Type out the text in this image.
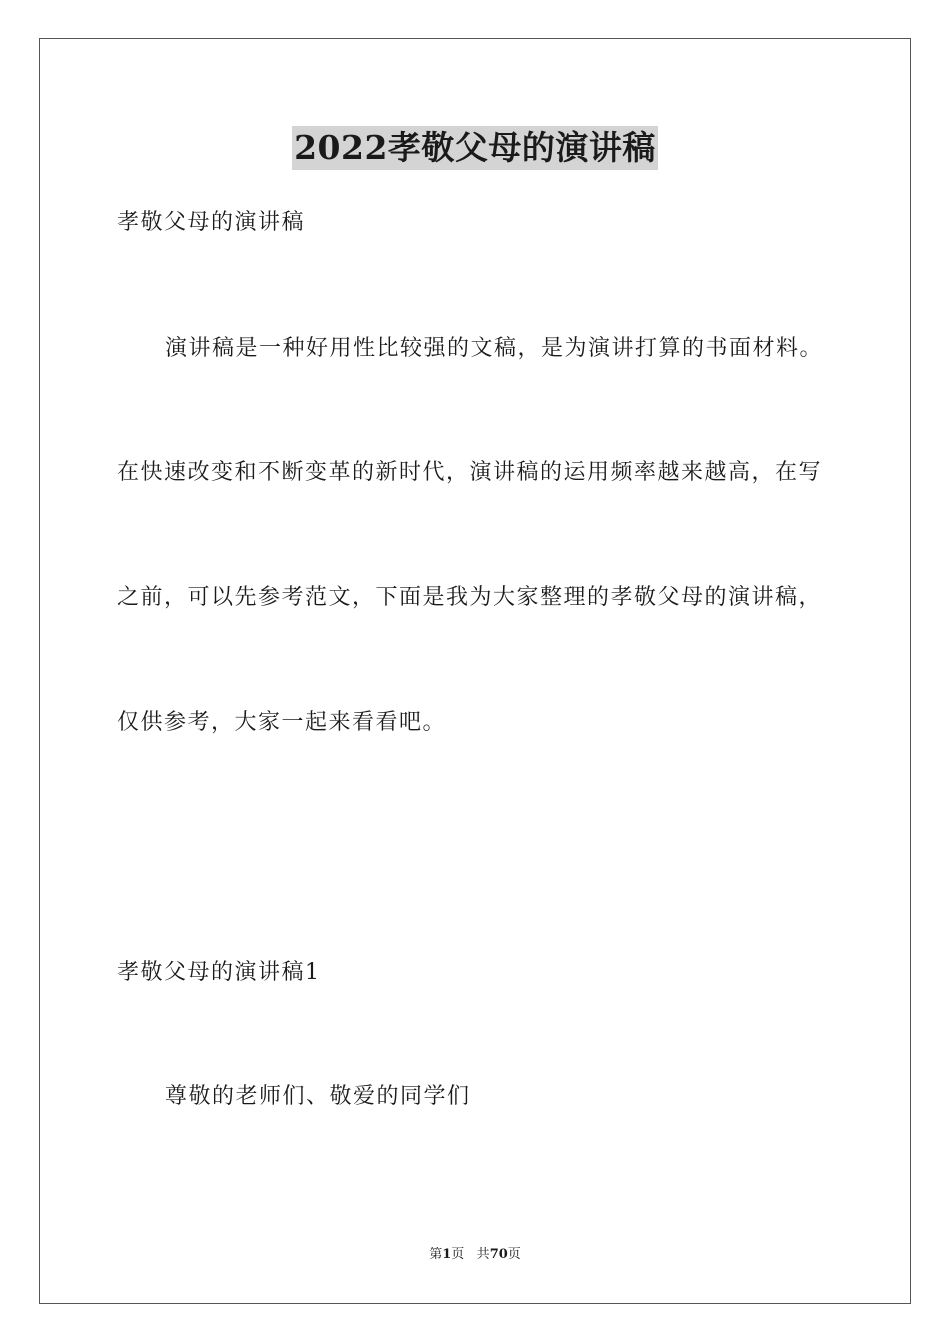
2022孝敬父母的演讲稿
孝敬父母的演讲稿
演讲稿是一种好用性比较强的文稿，是为演讲打算的书面材料。
在快速改变和不断变革的新时代，演讲稿的运用频率越来越高，在写
之前，可以先参考范文，下面是我为大家整理的孝敬父母的演讲稿，
仅供参考，大家一起来看看吧。
孝敬父母的演讲稿1
尊敬的老师们、敬爱的同学们
第1页 共70页
